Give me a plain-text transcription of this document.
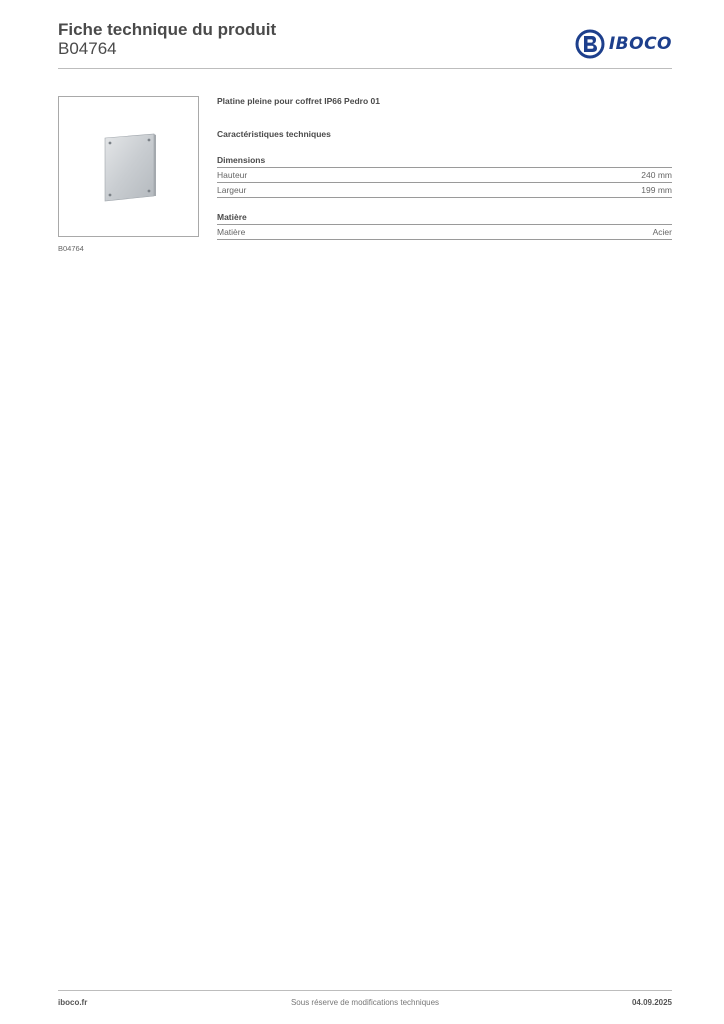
Fiche technique du produit
B04764	IBOCO
B04764
Platine pleine pour coffret IP66 Pedro 01
Caractéristiques techniques
Dimensions
Hauteur	240 mm
Largeur	199 mm
Matière
Matière	Acier
iboco.fr	Sous réserve de modifications techniques	04.09.2025
